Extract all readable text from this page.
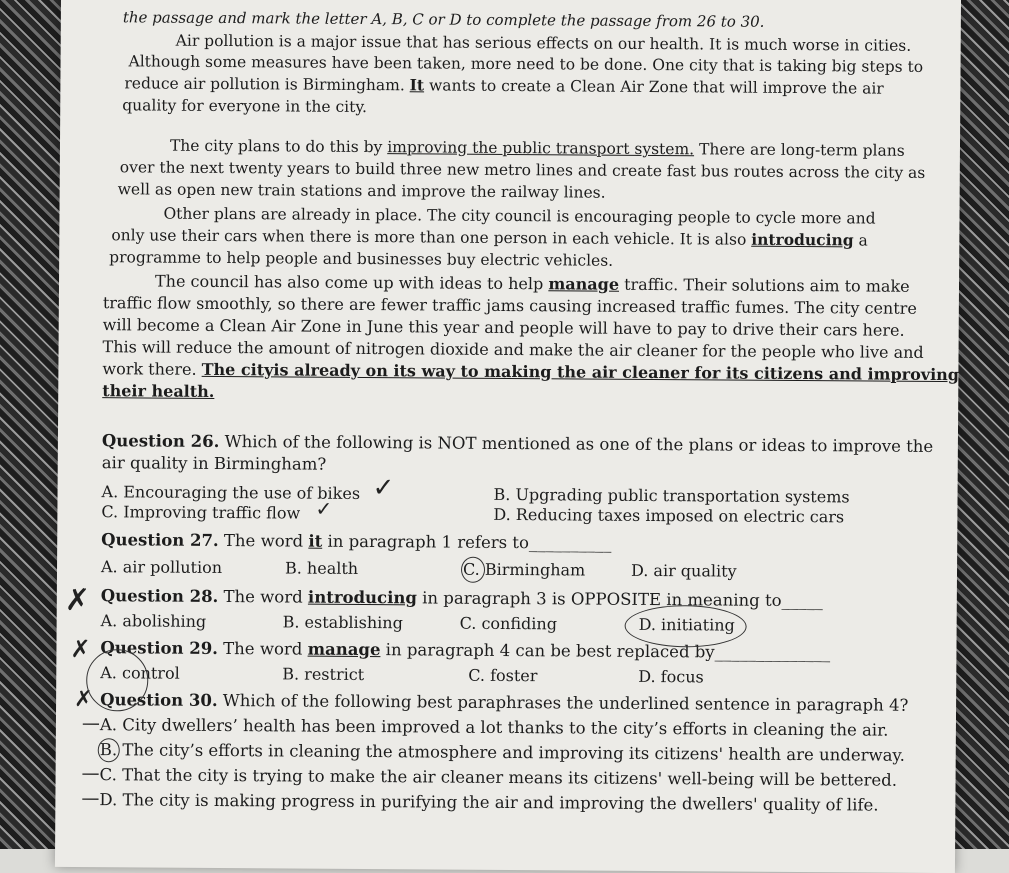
the passage and mark the letter A, B, C or D to complete the passage from 26 to 30.
Air pollution is a major issue that has serious effects on our health. It is much worse in cities.
Although some measures have been taken, more need to be done. One city that is taking big steps to
reduce air pollution is Birmingham. It wants to create a Clean Air Zone that will improve the air
quality for everyone in the city.
The city plans to do this by improving the public transport system. There are long-term plans
over the next twenty years to build three new metro lines and create fast bus routes across the city as
well as open new train stations and improve the railway lines.
Other plans are already in place. The city council is encouraging people to cycle more and
only use their cars when there is more than one person in each vehicle. It is also introducing a
programme to help people and businesses buy electric vehicles.
The council has also come up with ideas to help manage traffic. Their solutions aim to make
traffic flow smoothly, so there are fewer traffic jams causing increased traffic fumes. The city centre
will become a Clean Air Zone in June this year and people will have to pay to drive their cars here.
This will reduce the amount of nitrogen dioxide and make the air cleaner for the people who live and
work there. The cityis already on its way to making the air cleaner for its citizens and improving
their health.
Question 26. Which of the following is NOT mentioned as one of the plans or ideas to improve the
air quality in Birmingham?
A. Encouraging the use of bikes	B. Upgrading public transportation systems
C. Improving traffic flow	D. Reducing taxes imposed on electric cars
Question 27. The word it in paragraph 1 refers to__________
A. air pollution	B. health	C. Birmingham	D. air quality
Question 28. The word introducing in paragraph 3 is OPPOSITE in meaning to_____
A. abolishing	B. establishing	C. confiding	D. initiating
Question 29. The word manage in paragraph 4 can be best replaced by______________
A. control	B. restrict	C. foster	D. focus
Question 30. Which of the following best paraphrases the underlined sentence in paragraph 4?
A. City dwellers’ health has been improved a lot thanks to the city’s efforts in cleaning the air.
B. The city’s efforts in cleaning the atmosphere and improving its citizens' health are underway.
C. That the city is trying to make the air cleaner means its citizens' well-being will be bettered.
D. The city is making progress in purifying the air and improving the dwellers' quality of life.
✓
✓
✗
✗
✗
—
—
—
